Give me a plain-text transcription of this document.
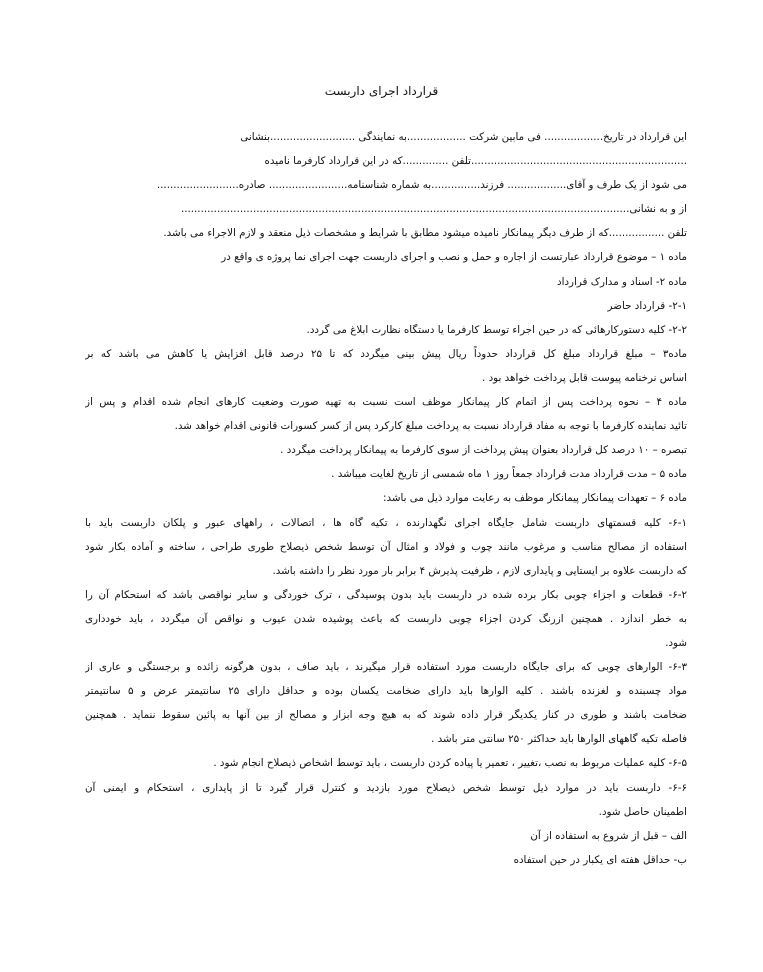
قرارداد اجرای داربست
این قرارداد در تاریخ.................. فی مابین شرکت ..................به نمایندگی ..........................بنشانی
..................................................................تلفن ..............که در این قرارداد کارفرما نامیده
می شود از یک طرف و آقای.................. فرزند...............به شماره شناسنامه........................ صادره.........................
از و به نشانی.........................................................................................................................................
تلفن .................که از طرف دیگر پیمانکار نامیده میشود مطابق با شرایط و مشخصات ذیل منعقد و لازم الاجراء می باشد.
ماده ۱ – موضوع قرارداد عبارتست از اجاره و حمل و نصب و اجرای داربست جهت اجرای نما پروژه ی واقع در
ماده ۲- اسناد و مدارک قرارداد
۲-۱- قرارداد حاضر
۲-۲- کلیه دستورکارهائی که در حین اجراء توسط کارفرما یا دستگاه نظارت ابلاغ می گردد.
ماده۳ – مبلغ قرارداد مبلغ کل قرارداد حدوداً ریال پیش بینی میگردد که تا ۲۵ درصد قابل افزایش یا کاهش می باشد که بر
اساس نرخنامه پیوست قابل پرداخت خواهد بود .
ماده ۴ – نحوه پرداخت پس از اتمام کار پیمانکار موظف است نسبت به تهیه صورت وضعیت کارهای انجام شده اقدام و پس از
تائید نماینده کارفرما با توجه به مفاد قرارداد نسبت به پرداخت مبلغ کارکرد پس از کسر کسورات قانونی اقدام خواهد شد.
تبصره – ۱۰ درصد کل قرارداد بعنوان پیش پرداخت از سوی کارفرما به پیمانکار پرداخت میگردد .
ماده ۵ – مدت قرارداد مدت قرارداد جمعاً روز ۱ ماه شمسی از تاریخ لغایت میباشد .
ماده ۶ – تعهدات پیمانکار پیمانکار موظف به رعایت موارد ذیل می باشد:
۶-۱- کلیه قسمتهای داربست شامل جایگاه اجرای نگهدارنده ، تکیه گاه ها ، اتصالات ، راههای عبور و پلکان داربست باید با
استفاده از مصالح مناسب و مرغوب مانند چوب و فولاد و امثال آن توسط شخص ذیصلاح طوری طراحی ، ساخته و آماده بکار شود
که داربست علاوه بر ایستایی و پایداری لازم ، ظرفیت پذیرش ۴ برابر بار مورد نظر را داشته باشد.
۶-۲- قطعات و اجزاء چوبی بکار برده شده در داربست باید بدون پوسیدگی ، ترک خوردگی و سایر نواقصی باشد که استحکام آن را
به خطر اندازد . همچنین ازرنگ کردن اجزاء چوبی داربست که باعث پوشیده شدن عیوب و نواقص آن میگردد ، باید خودداری
شود.
۶-۳- الوارهای چوبی که برای جایگاه داربست مورد استفاده قرار میگیرند ، باید صاف ، بدون هرگونه زائده و برجستگی و عاری از
مواد چسبنده و لغزنده باشند . کلیه الوارها باید دارای ضخامت یکسان بوده و حداقل دارای ۲۵ سانتیمتر عرض و ۵ سانتیمتر
ضخامت باشند و طوری در کنار یکدیگر قرار داده شوند که به هیچ وجه ابزار و مصالح از بین آنها به پائین سقوط ننماید . همچنین
فاصله تکیه گاههای الوارها باید حداکثر ۲۵۰ سانتی متر باشد .
۶-۵- کلیه عملیات مربوط به نصب ،تغییر ، تعمیر یا پیاده کردن داربست ، باید توسط اشخاص ذیصلاح انجام شود .
۶-۶- داربست باید در موارد ذیل توسط شخص ذیصلاح مورد بازدید و کنترل قرار گیرد تا از پایداری ، استحکام و ایمنی آن
اطمینان حاصل شود.
الف – قبل از شروع به استفاده از آن
ب- حداقل هفته ای یکبار در حین استفاده
